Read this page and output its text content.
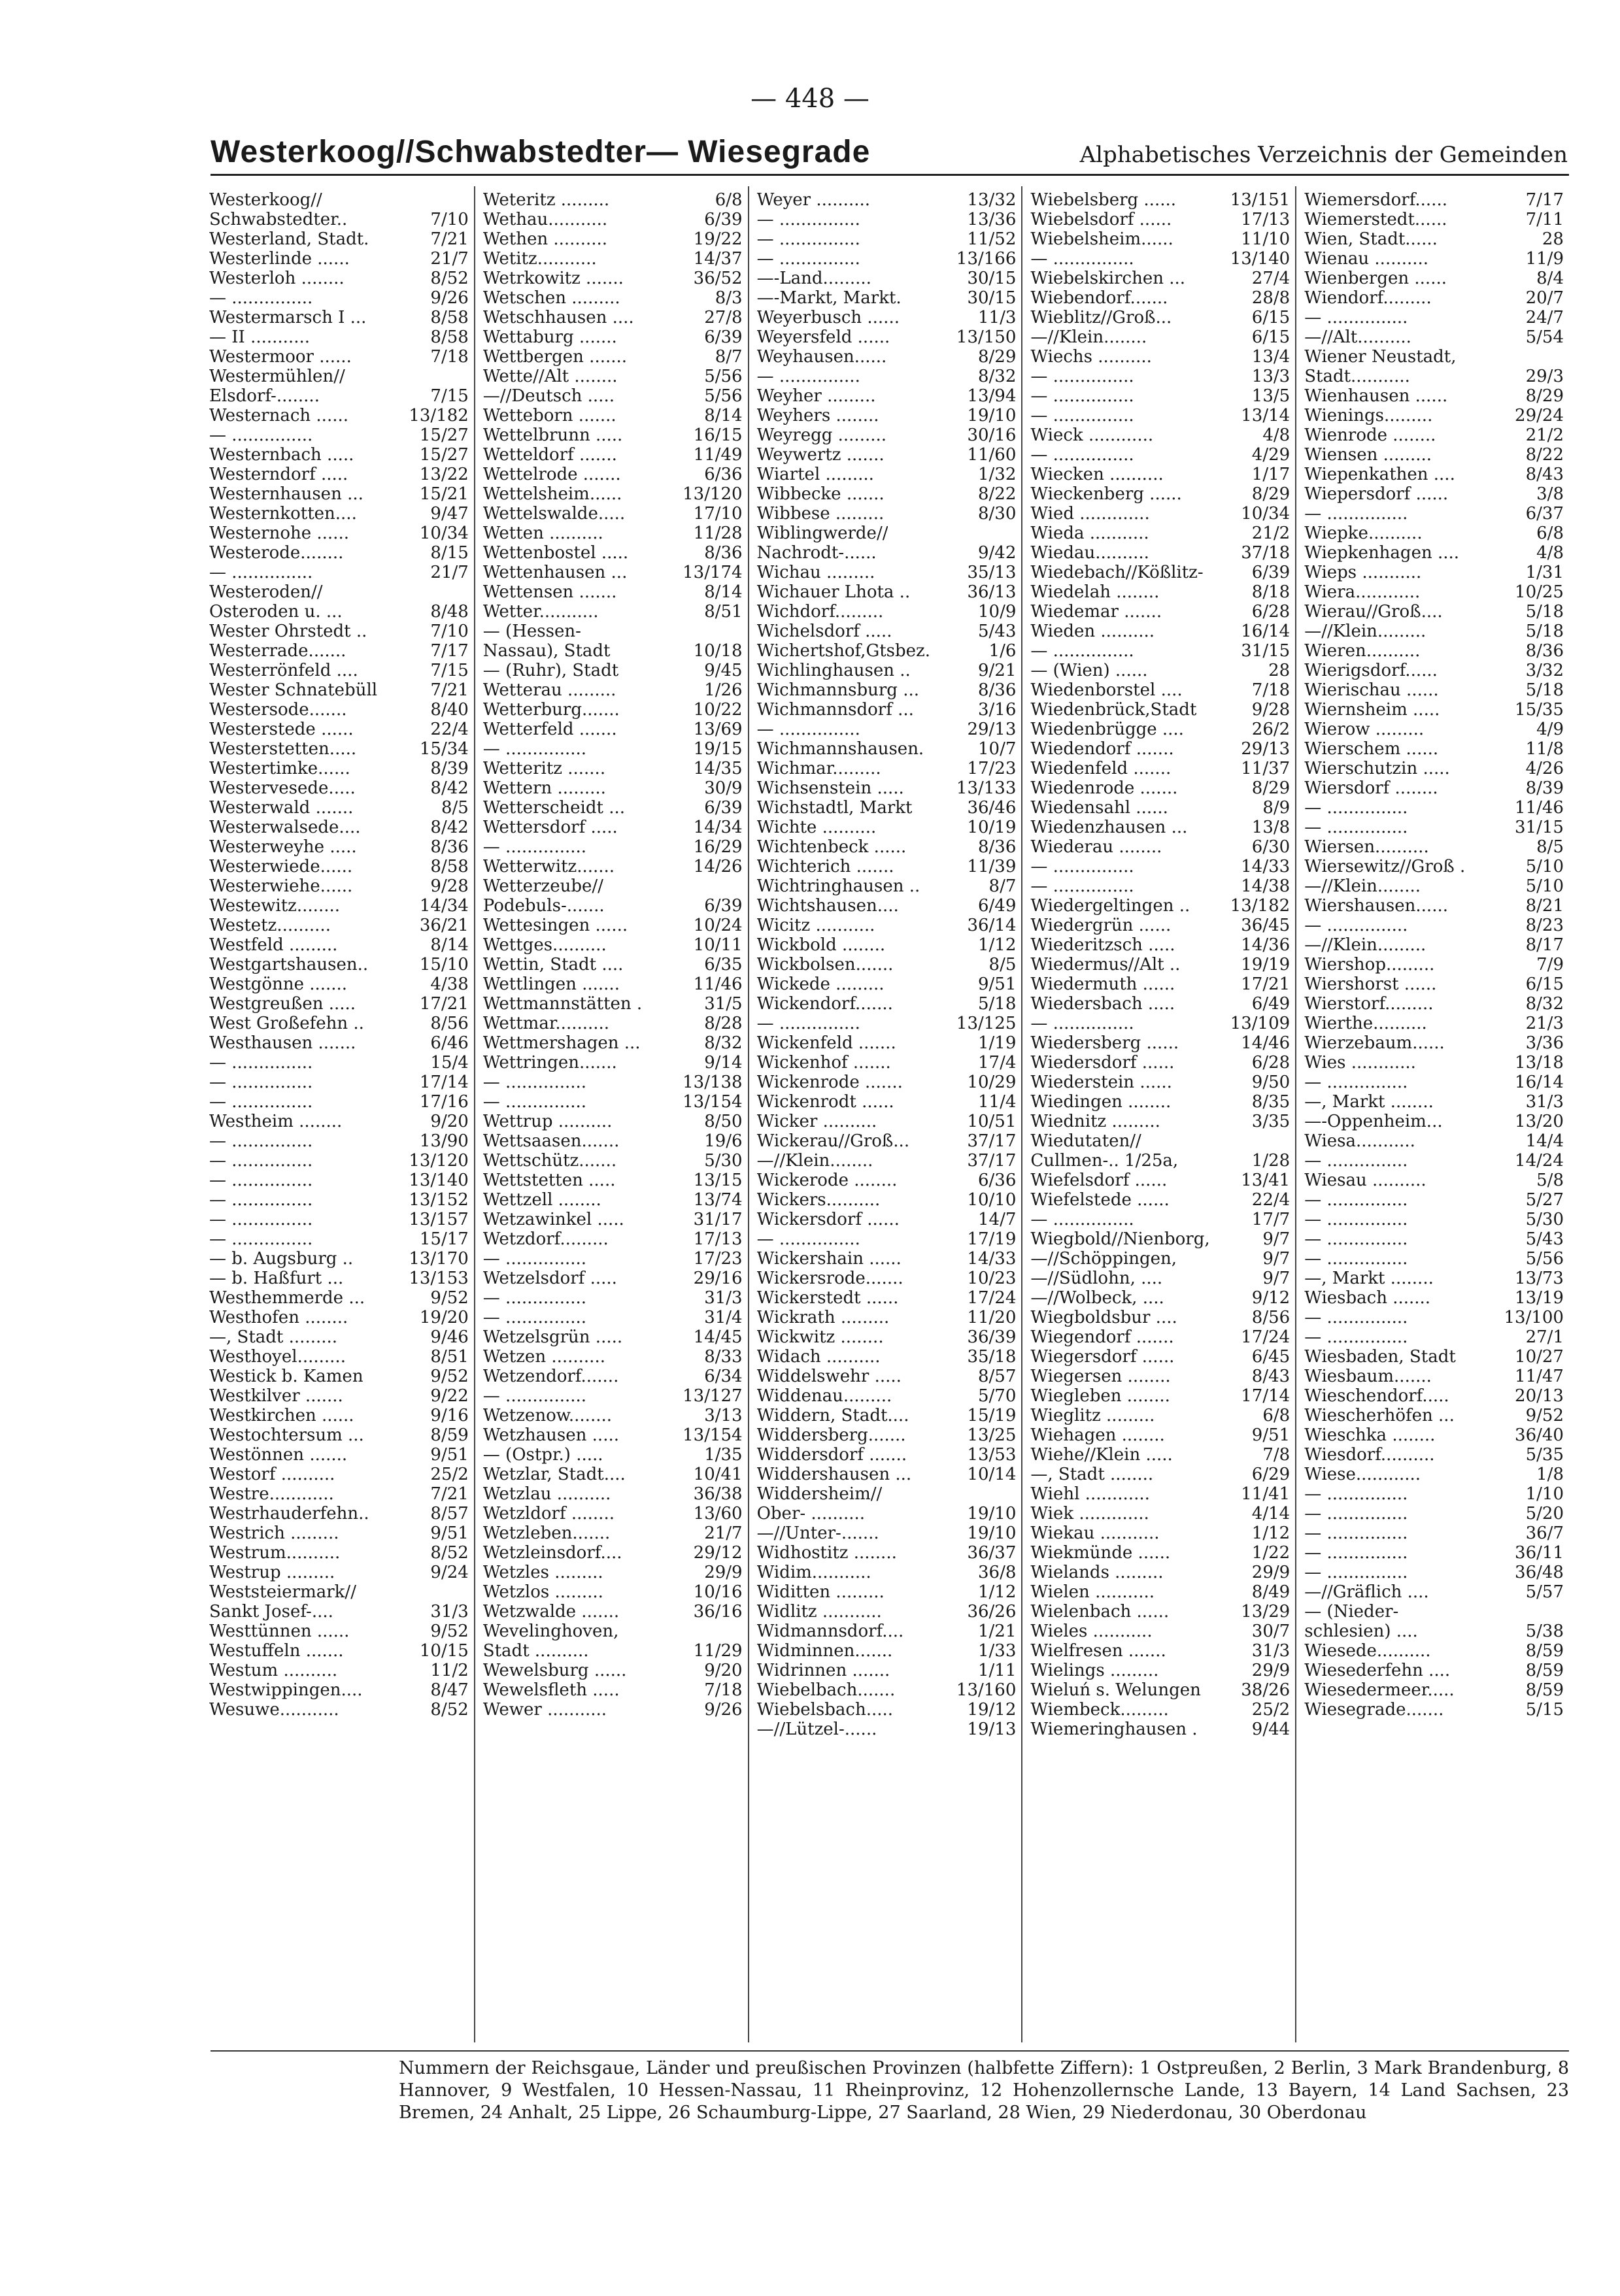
— 448 —
Westerkoog//Schwabstedter— Wiesegrade	Alphabetisches Verzeichnis der Gemeinden
Westerkoog//
Schwabstedter..	7/10
Westerland, Stadt.	7/21
Westerlinde ......	21/7
Westerloh ........	8/52
— ...............	9/26
Westermarsch I ...	8/58
— II ...........	8/58
Westermoor ......	7/18
Westermühlen//
Elsdorf-........	7/15
Westernach ......	13/182
— ...............	15/27
Westernbach .....	15/27
Westerndorf .....	13/22
Westernhausen ...	15/21
Westernkotten....	9/47
Westernohe ......	10/34
Westerode........	8/15
— ...............	21/7
Westeroden//
Osteroden u. ...	8/48
Wester Ohrstedt ..	7/10
Westerrade.......	7/17
Westerrönfeld ....	7/15
Wester Schnatebüll	7/21
Westersode.......	8/40
Westerstede ......	22/4
Westerstetten.....	15/34
Westertimke......	8/39
Westervesede.....	8/42
Westerwald .......	8/5
Westerwalsede....	8/42
Westerweyhe .....	8/36
Westerwiede......	8/58
Westerwiehe......	9/28
Westewitz........	14/34
Westetz..........	36/21
Westfeld .........	8/14
Westgartshausen..	15/10
Westgönne .......	4/38
Westgreußen .....	17/21
West Großefehn ..	8/56
Westhausen .......	6/46
— ...............	15/4
— ...............	17/14
— ...............	17/16
Westheim ........	9/20
— ...............	13/90
— ...............	13/120
— ...............	13/140
— ...............	13/152
— ...............	13/157
— ...............	15/17
— b. Augsburg ..	13/170
— b. Haßfurt ...	13/153
Westhemmerde ...	9/52
Westhofen ........	19/20
—, Stadt .........	9/46
Westhoyel.........	8/51
Westick b. Kamen	9/52
Westkilver .......	9/22
Westkirchen ......	9/16
Westochtersum ...	8/59
Westönnen .......	9/51
Westorf ..........	25/2
Westre............	7/21
Westrhauderfehn..	8/57
Westrich .........	9/51
Westrum..........	8/52
Westrup .........	9/24
Weststeiermark//
Sankt Josef-....	31/3
Westtünnen ......	9/52
Westuffeln .......	10/15
Westum ..........	11/2
Westwippingen....	8/47
Wesuwe...........	8/52
Weteritz .........	6/8
Wethau...........	6/39
Wethen ..........	19/22
Wetitz...........	14/37
Wetrkowitz .......	36/52
Wetschen .........	8/3
Wetschhausen ....	27/8
Wettaburg .......	6/39
Wettbergen .......	8/7
Wette//Alt ........	5/56
—//Deutsch .....	5/56
Wetteborn .......	8/14
Wettelbrunn .....	16/15
Wetteldorf .......	11/49
Wettelrode .......	6/36
Wettelsheim......	13/120
Wettelswalde.....	17/10
Wetten ..........	11/28
Wettenbostel .....	8/36
Wettenhausen ...	13/174
Wettensen .......	8/14
Wetter...........	8/51
— (Hessen-
Nassau), Stadt	10/18
— (Ruhr), Stadt	9/45
Wetterau .........	1/26
Wetterburg.......	10/22
Wetterfeld .......	13/69
— ...............	19/15
Wetteritz .......	14/35
Wettern .........	30/9
Wetterscheidt ...	6/39
Wettersdorf .....	14/34
— ...............	16/29
Wetterwitz.......	14/26
Wetterzeube//
Podebuls-.......	6/39
Wettesingen ......	10/24
Wettges..........	10/11
Wettin, Stadt ....	6/35
Wettlingen .......	11/46
Wettmannstätten .	31/5
Wettmar..........	8/28
Wettmershagen ...	8/32
Wettringen.......	9/14
— ...............	13/138
— ...............	13/154
Wettrup ..........	8/50
Wettsaasen.......	19/6
Wettschütz.......	5/30
Wettstetten .....	13/15
Wettzell ........	13/74
Wetzawinkel .....	31/17
Wetzdorf.........	17/13
— ...............	17/23
Wetzelsdorf .....	29/16
— ...............	31/3
— ...............	31/4
Wetzelsgrün .....	14/45
Wetzen ..........	8/33
Wetzendorf.......	6/34
— ...............	13/127
Wetzenow........	3/13
Wetzhausen .....	13/154
— (Ostpr.) .....	1/35
Wetzlar, Stadt....	10/41
Wetzlau ..........	36/38
Wetzldorf ........	13/60
Wetzleben.......	21/7
Wetzleinsdorf....	29/12
Wetzles .........	29/9
Wetzlos .........	10/16
Wetzwalde .......	36/16
Wevelinghoven,
Stadt ..........	11/29
Wewelsburg ......	9/20
Wewelsfleth .....	7/18
Wewer ...........	9/26
Weyer ..........	13/32
— ...............	13/36
— ...............	11/52
— ...............	13/166
—-Land.........	30/15
—-Markt, Markt.	30/15
Weyerbusch ......	11/3
Weyersfeld ......	13/150
Weyhausen......	8/29
— ...............	8/32
Weyher .........	13/94
Weyhers ........	19/10
Weyregg .........	30/16
Weywertz .......	11/60
Wiartel .........	1/32
Wibbecke .......	8/22
Wibbese .........	8/30
Wiblingwerde//
Nachrodt-......	9/42
Wichau .........	35/13
Wichauer Lhota ..	36/13
Wichdorf.........	10/9
Wichelsdorf .....	5/43
Wichertshof,Gtsbez.	1/6
Wichlinghausen ..	9/21
Wichmannsburg ...	8/36
Wichmannsdorf ...	3/16
— ...............	29/13
Wichmannshausen.	10/7
Wichmar.........	17/23
Wichsenstein .....	13/133
Wichstadtl, Markt	36/46
Wichte ..........	10/19
Wichtenbeck ......	8/36
Wichterich .......	11/39
Wichtringhausen ..	8/7
Wichtshausen....	6/49
Wicitz ...........	36/14
Wickbold ........	1/12
Wickbolsen.......	8/5
Wickede .........	9/51
Wickendorf.......	5/18
— ...............	13/125
Wickenfeld .......	1/19
Wickenhof .......	17/4
Wickenrode .......	10/29
Wickenrodt ......	11/4
Wicker ..........	10/51
Wickerau//Groß...	37/17
—//Klein........	37/17
Wickerode ........	6/36
Wickers..........	10/10
Wickersdorf ......	14/7
— ...............	17/19
Wickershain ......	14/33
Wickersrode.......	10/23
Wickerstedt ......	17/24
Wickrath .........	11/20
Wickwitz ........	36/39
Widach ..........	35/18
Widdelswehr .....	8/57
Widdenau.........	5/70
Widdern, Stadt....	15/19
Widdersberg.......	13/25
Widdersdorf .......	13/53
Widdershausen ...	10/14
Widdersheim//
Ober- ..........	19/10
—//Unter-.......	19/10
Widhostitz ........	36/37
Widim...........	36/8
Widitten .........	1/12
Widlitz ...........	36/26
Widmannsdorf....	1/21
Widminnen.......	1/33
Widrinnen .......	1/11
Wiebelbach.......	13/160
Wiebelsbach.....	19/12
—//Lützel-......	19/13
Wiebelsberg ......	13/151
Wiebelsdorf ......	17/13
Wiebelsheim......	11/10
— ...............	13/140
Wiebelskirchen ...	27/4
Wiebendorf.......	28/8
Wieblitz//Groß...	6/15
—//Klein........	6/15
Wiechs ..........	13/4
— ...............	13/3
— ...............	13/5
— ...............	13/14
Wieck ............	4/8
— ...............	4/29
Wiecken ..........	1/17
Wieckenberg ......	8/29
Wied .............	10/34
Wieda ...........	21/2
Wiedau..........	37/18
Wiedebach//Kößlitz-	6/39
Wiedelah ........	8/18
Wiedemar .......	6/28
Wieden ..........	16/14
— ...............	31/15
— (Wien) ......	28
Wiedenborstel ....	7/18
Wiedenbrück,Stadt	9/28
Wiedenbrügge ....	26/2
Wiedendorf .......	29/13
Wiedenfeld .......	11/37
Wiedenrode .......	8/29
Wiedensahl ......	8/9
Wiedenzhausen ...	13/8
Wiederau ........	6/30
— ...............	14/33
— ...............	14/38
Wiedergeltingen .. 13/182
Wiedergrün ......	36/45
Wiederitzsch .....	14/36
Wiedermus//Alt ..	19/19
Wiedermuth ......	17/21
Wiedersbach .....	6/49
— ...............	13/109
Wiedersberg ......	14/46
Wiedersdorf ......	6/28
Wiederstein ......	9/50
Wiedingen ........	8/35
Wiednitz .........	3/35
Wiedutaten//
Cullmen-.. 1/25a,	1/28
Wiefelsdorf ......	13/41
Wiefelstede ......	22/4
— ...............	17/7
Wiegbold//Nienborg,	9/7
—//Schöppingen,	9/7
—//Südlohn, ....	9/7
—//Wolbeck, ....	9/12
Wiegboldsbur ....	8/56
Wiegendorf .......	17/24
Wiegersdorf ......	6/45
Wiegersen ........	8/43
Wiegleben ........	17/14
Wieglitz .........	6/8
Wiehagen ........	9/51
Wiehe//Klein .....	7/8
—, Stadt ........	6/29
Wiehl ............	11/41
Wiek .............	4/14
Wiekau ...........	1/12
Wiekmünde ......	1/22
Wielands .........	29/9
Wielen ...........	8/49
Wielenbach ......	13/29
Wieles ...........	30/7
Wielfresen .......	31/3
Wielings .........	29/9
Wieluń s. Welungen 38/26
Wiembeck.........	25/2
Wiemeringhausen .	9/44
Wiemersdorf......	7/17
Wiemerstedt......	7/11
Wien, Stadt......	28
Wienau ..........	11/9
Wienbergen ......	8/4
Wiendorf.........	20/7
— ...............	24/7
—//Alt..........	5/54
Wiener Neustadt,
Stadt...........	29/3
Wienhausen ......	8/29
Wienings.........	29/24
Wienrode ........	21/2
Wiensen .........	8/22
Wiepenkathen ....	8/43
Wiepersdorf ......	3/8
— ...............	6/37
Wiepke..........	6/8
Wiepkenhagen ....	4/8
Wieps ...........	1/31
Wiera............	10/25
Wierau//Groß....	5/18
—//Klein.........	5/18
Wieren..........	8/36
Wierigsdorf......	3/32
Wierischau ......	5/18
Wiernsheim .....	15/35
Wierow .........	4/9
Wierschem ......	11/8
Wierschutzin .....	4/26
Wiersdorf ........	8/39
— ...............	11/46
— ...............	31/15
Wiersen..........	8/5
Wiersewitz//Groß .	5/10
—//Klein........	5/10
Wiershausen......	8/21
— ...............	8/23
—//Klein.........	8/17
Wiershop.........	7/9
Wiershorst ......	6/15
Wierstorf.........	8/32
Wierthe..........	21/3
Wierzebaum......	3/36
Wies ............	13/18
— ...............	16/14
—, Markt ........	31/3
—-Oppenheim...	13/20
Wiesa...........	14/4
— ...............	14/24
Wiesau ..........	5/8
— ...............	5/27
— ...............	5/30
— ...............	5/43
— ...............	5/56
—, Markt ........	13/73
Wiesbach .......	13/19
— ...............	13/100
— ...............	27/1
Wiesbaden, Stadt	10/27
Wiesbaum.......	11/47
Wieschendorf.....	20/13
Wiescherhöfen ...	9/52
Wieschka ........	36/40
Wiesdorf..........	5/35
Wiese............	1/8
— ...............	1/10
— ...............	5/20
— ...............	36/7
— ...............	36/11
— ...............	36/48
—//Gräflich ....	5/57
— (Nieder-
schlesien) ....	5/38
Wiesede..........	8/59
Wiesederfehn ....	8/59
Wiesedermeer.....	8/59
Wiesegrade.......	5/15
Nummern der Reichsgaue, Länder und preußischen Provinzen (halbfette Ziffern): 1 Ostpreußen, 2 Berlin, 3 Mark Brandenburg, 8 Hannover, 9 Westfalen, 10 Hessen-Nassau, 11 Rheinprovinz, 12 Hohenzollernsche Lande, 13 Bayern, 14 Land Sachsen, 23 Bremen, 24 Anhalt, 25 Lippe, 26 Schaumburg-Lippe, 27 Saarland, 28 Wien, 29 Niederdonau, 30 Oberdonau
